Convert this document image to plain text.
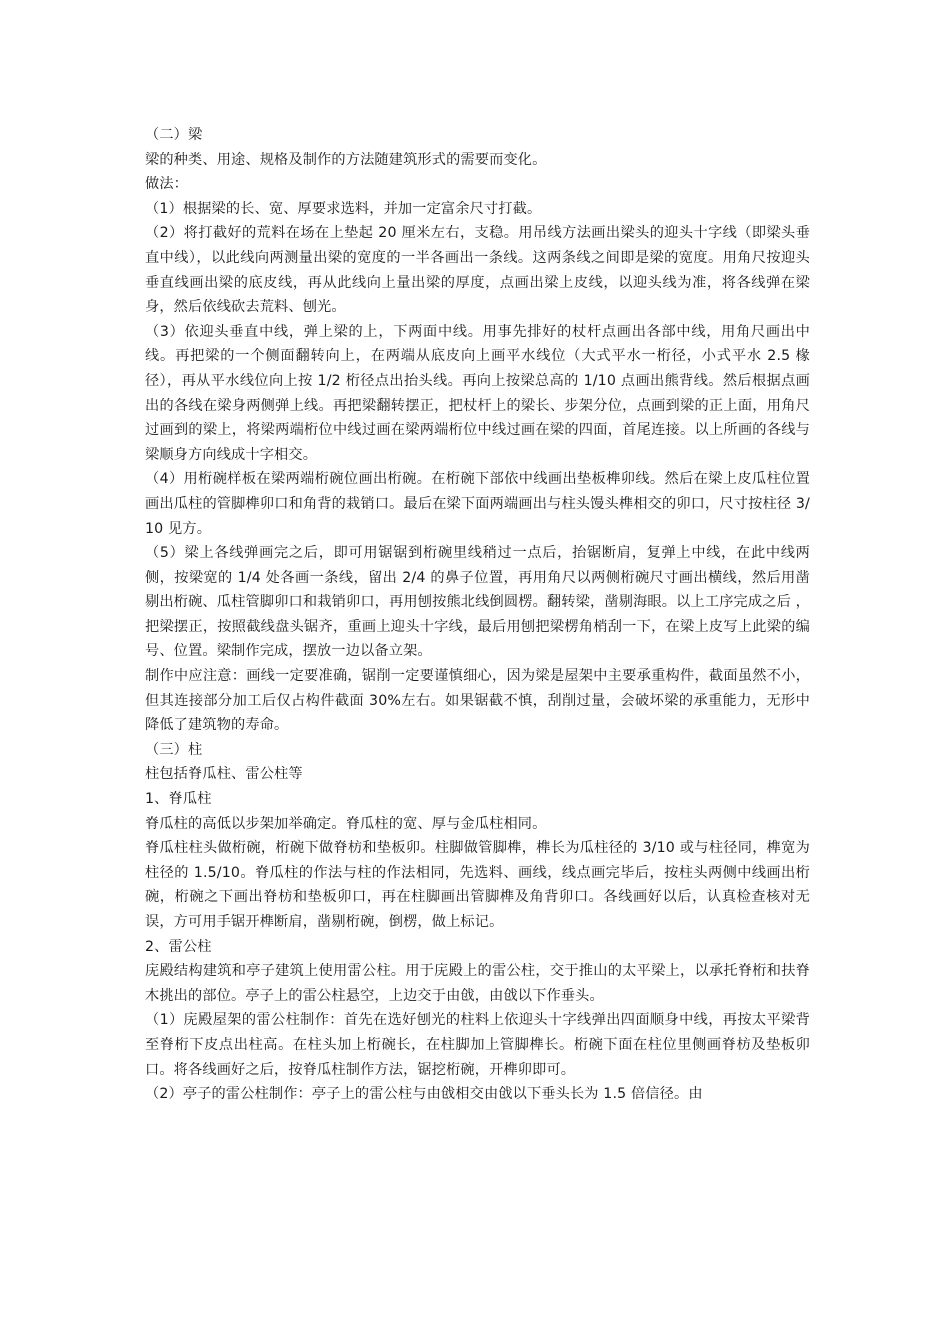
（二）梁

梁的种类、用途、规格及制作的方法随建筑形式的需要而变化。

做法：

（1）根据梁的长、宽、厚要求选料，并加一定富余尺寸打截。

（2）将打截好的荒料在场在上垫起 20 厘米左右，支稳。用吊线方法画出梁头的迎头十字线（即梁头垂直中线），以此线向两测量出梁的宽度的一半各画出一条线。这两条线之间即是梁的宽度。用角尺按迎头垂直线画出梁的底皮线，再从此线向上量出梁的厚度，点画出梁上皮线，以迎头线为准，将各线弹在梁身，然后依线砍去荒料、刨光。

（3）依迎头垂直中线，弹上梁的上，下两面中线。用事先排好的杖杆点画出各部中线，用角尺画出中线。再把梁的一个侧面翻转向上，在两端从底皮向上画平水线位（大式平水一桁径，小式平水 2.5 椽径），再从平水线位向上按 1/2 桁径点出抬头线。再向上按梁总高的 1/10 点画出熊背线。然后根据点画出的各线在梁身两侧弹上线。再把梁翻转摆正，把杖杆上的梁长、步架分位，点画到梁的正上面，用角尺过画到的梁上，将梁两端桁位中线过画在梁两端桁位中线过画在梁的四面，首尾连接。以上所画的各线与梁顺身方向线成十字相交。

（4）用桁碗样板在梁两端桁碗位画出桁碗。在桁碗下部依中线画出垫板榫卯线。然后在梁上皮瓜柱位置画出瓜柱的管脚榫卯口和角背的栽销口。最后在梁下面两端画出与柱头馒头榫相交的卯口，尺寸按柱径 3/10 见方。

（5）梁上各线弹画完之后，即可用锯锯到桁碗里线稍过一点后，抬锯断肩，复弹上中线，在此中线两侧，按梁宽的 1/4 处各画一条线，留出 2/4 的鼻子位置，再用角尺以两侧桁碗尺寸画出横线，然后用凿剔出桁碗、瓜柱管脚卯口和栽销卯口，再用刨按熊北线倒圆楞。翻转梁，凿剔海眼。以上工序完成之后 ，把梁摆正，按照截线盘头锯齐，重画上迎头十字线，最后用刨把梁楞角梢刮一下，在梁上皮写上此梁的编号、位置。梁制作完成，摆放一边以备立架。

制作中应注意：画线一定要准确，锯削一定要谨慎细心，因为梁是屋架中主要承重构件，截面虽然不小，但其连接部分加工后仅占构件截面 30%左右。如果锯截不慎，刮削过量，会破坏梁的承重能力，无形中降低了建筑物的寿命。

（三）柱

柱包括脊瓜柱、雷公柱等

1、脊瓜柱

脊瓜柱的高低以步架加举确定。脊瓜柱的宽、厚与金瓜柱相同。

脊瓜柱柱头做桁碗，桁碗下做脊枋和垫板卯。柱脚做管脚榫，榫长为瓜柱径的 3/10 或与柱径同，榫宽为柱径的 1.5/10。脊瓜柱的作法与柱的作法相同，先选料、画线，线点画完毕后，按柱头两侧中线画出桁碗，桁碗之下画出脊枋和垫板卯口，再在柱脚画出管脚榫及角背卯口。各线画好以后，认真检查核对无误，方可用手锯开榫断肩，凿剔桁碗，倒楞，做上标记。

2、雷公柱

庑殿结构建筑和亭子建筑上使用雷公柱。用于庑殿上的雷公柱，交于推山的太平梁上，以承托脊桁和扶脊木挑出的部位。亭子上的雷公柱悬空，上边交于由戗，由戗以下作垂头。

（1）庑殿屋架的雷公柱制作：首先在选好刨光的柱料上依迎头十字线弹出四面顺身中线，再按太平梁背至脊桁下皮点出柱高。在柱头加上桁碗长，在柱脚加上管脚榫长。桁碗下面在柱位里侧画脊枋及垫板卯口。将各线画好之后，按脊瓜柱制作方法，锯挖桁碗，开榫卯即可。

（2）亭子的雷公柱制作：亭子上的雷公柱与由戗相交由戗以下垂头长为 1.5 倍信径。由
